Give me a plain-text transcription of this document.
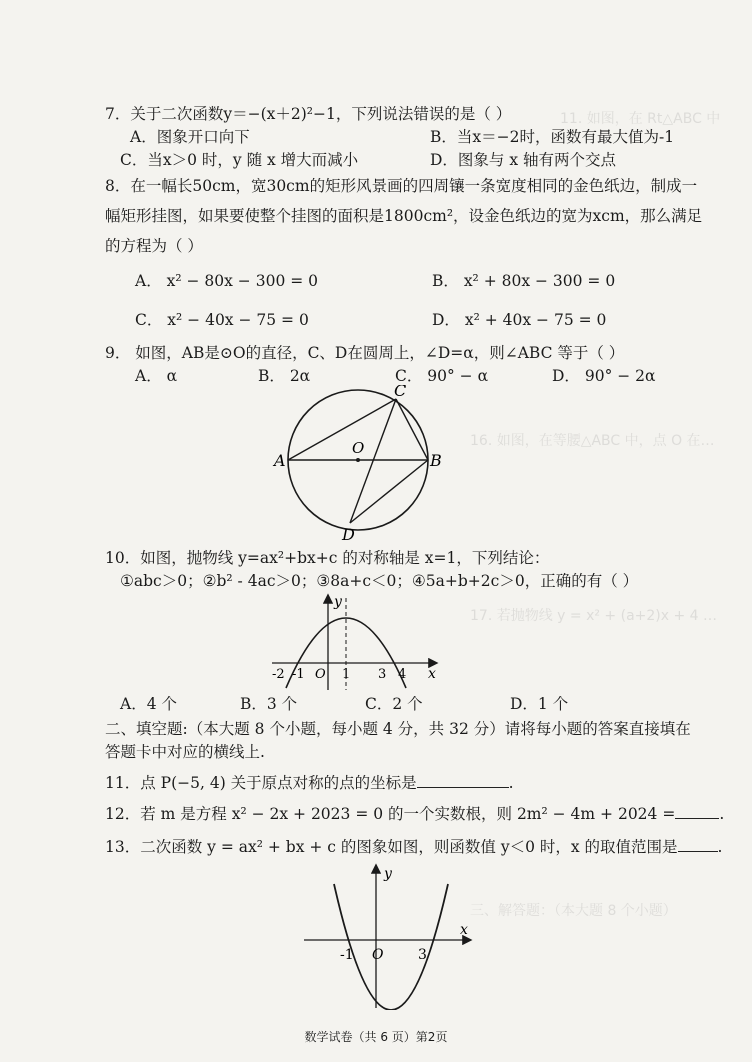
11. 如图，在 Rt△ABC 中
16. 如图，在等腰△ABC 中，点 O 在…
17. 若抛物线 y = x² + (a+2)x + 4 …
三、解答题：（本大题 8 个小题）
7．关于二次函数y＝−(x＋2)²−1，下列说法错误的是（ ）
A．图象开口向下	B．当x＝−2时，函数有最大值为-1
C．当x＞0 时，y 随 x 增大而减小	D．图象与 x 轴有两个交点
8．在一幅长50cm，宽30cm的矩形风景画的四周镶一条宽度相同的金色纸边，制成一
幅矩形挂图，如果要使整个挂图的面积是1800cm²，设金色纸边的宽为xcm，那么满足
的方程为（ ）
A． x² − 80x − 300 = 0	B． x² + 80x − 300 = 0
C． x² − 40x − 75 = 0	D． x² + 40x − 75 = 0
9． 如图，AB是⊙O的直径，C、D在圆周上，∠D=α，则∠ABC 等于（ ）
A． α	B． 2α	C． 90° − α	D． 90° − 2α
A	B
C
D
O
10．如图，抛物线 y=ax²+bx+c 的对称轴是 x=1，下列结论：
①abc＞0；②b² - 4ac＞0；③8a+c＜0；④5a+b+2c＞0，正确的有（ ）
y
x
-2 -1 O 1 3 4
A．4 个	B．3 个	C．2 个	D．1 个
二、填空题:（本大题 8 个小题，每小题 4 分，共 32 分）请将每小题的答案直接填在
答题卡中对应的横线上.
11．点 P(−5, 4) 关于原点对称的点的坐标是	.
12．若 m 是方程 x² − 2x + 2023 = 0 的一个实数根，则 2m² − 4m + 2024 =	.
13．二次函数 y = ax² + bx + c 的图象如图，则函数值 y＜0 时，x 的取值范围是	.
y
x
-1 O 3
数学试卷（共 6 页）第2页
